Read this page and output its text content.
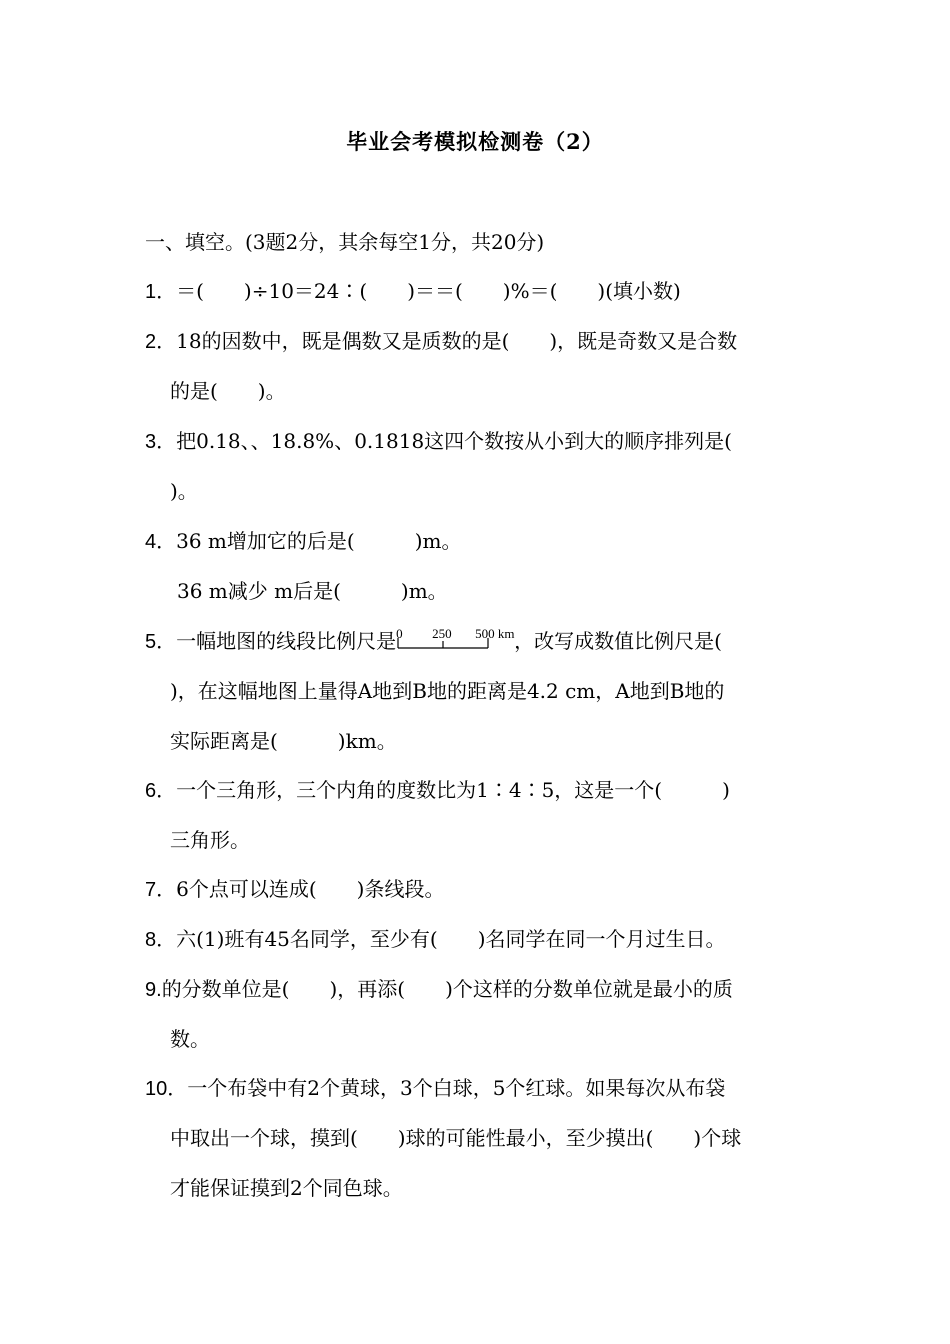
毕业会考模拟检测卷（2）
一、填空。(3题2分，其余每空1分，共20分)
1．＝(　　)÷10＝24∶(　　)＝＝(　　)%＝(　　)(填小数)
2．18的因数中，既是偶数又是质数的是(　　)，既是奇数又是合数
的是(　　)。
3．把0.18、、18.8%、0.1818这四个数按从小到大的顺序排列是(
)。
4．36 m增加它的后是(　　　)m。
36 m减少 m后是(　　　)m。
5．一幅地图的线段比例尺是 0 250 500 km ，改写成数值比例尺是(
)，在这幅地图上量得A地到B地的距离是4.2 cm，A地到B地的
实际距离是(　　　)km。
6．一个三角形，三个内角的度数比为1∶4∶5，这是一个(　　　)
三角形。
7．6个点可以连成(　　)条线段。
8．六(1)班有45名同学，至少有(　　)名同学在同一个月过生日。
9.的分数单位是(　　)，再添(　　)个这样的分数单位就是最小的质
数。
10．一个布袋中有2个黄球，3个白球，5个红球。如果每次从布袋
中取出一个球，摸到(　　)球的可能性最小，至少摸出(　　)个球
才能保证摸到2个同色球。
